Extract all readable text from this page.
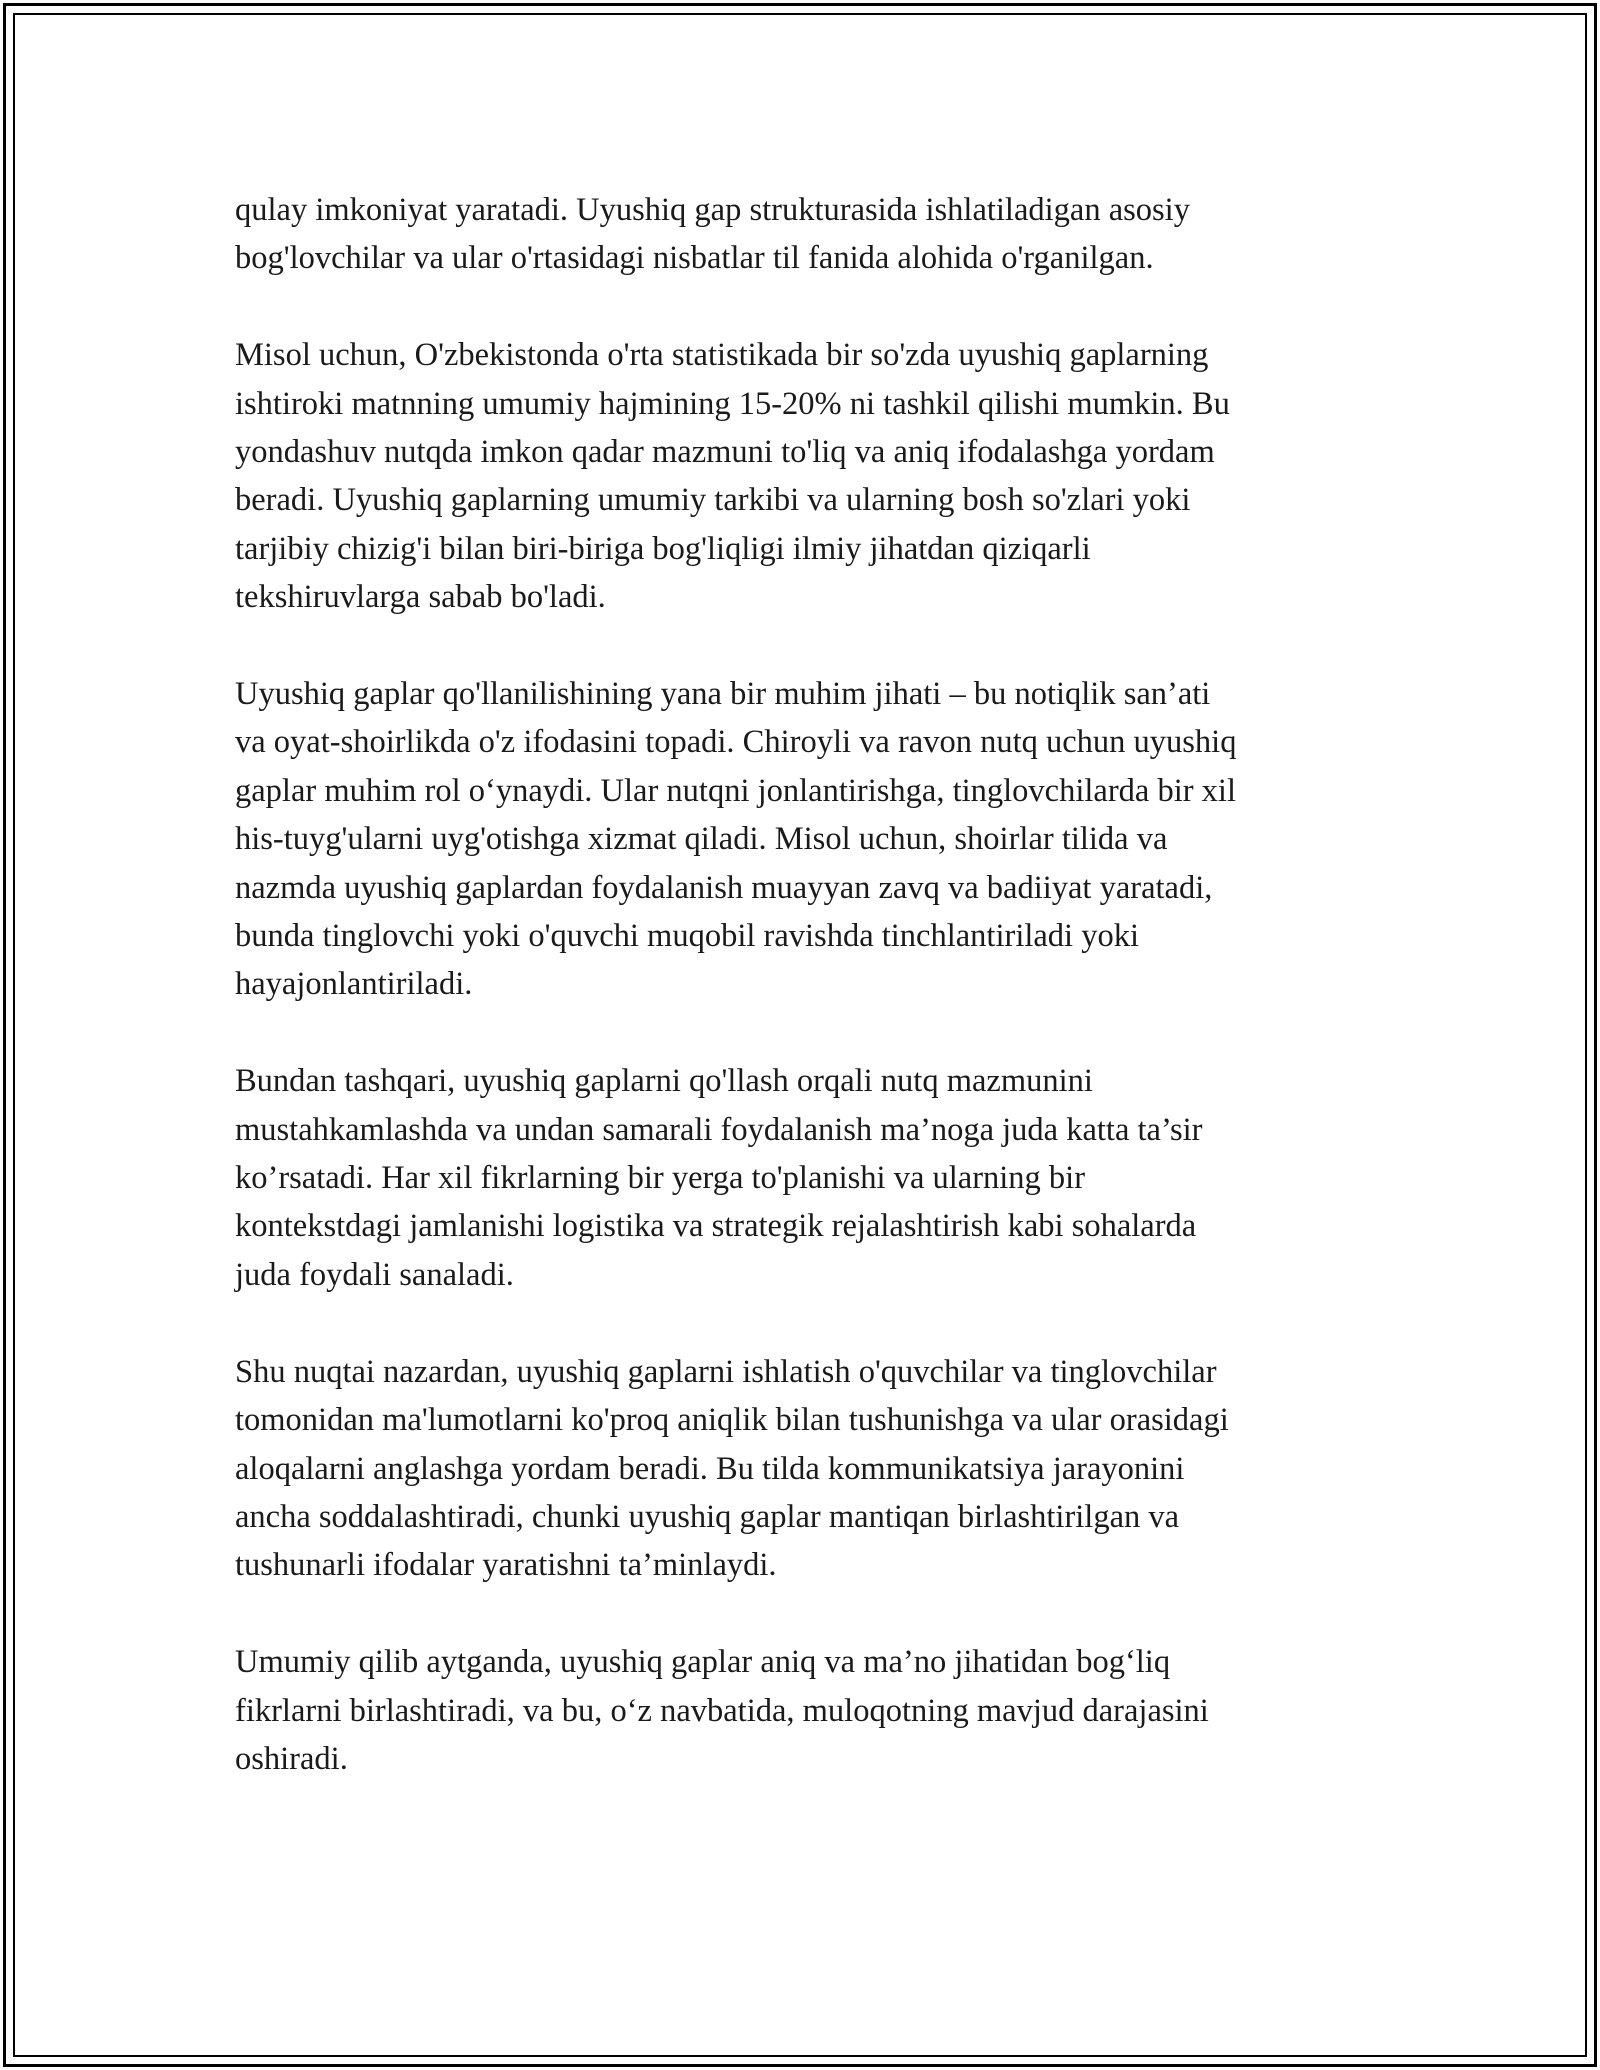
qulay imkoniyat yaratadi. Uyushiq gap strukturasida ishlatiladigan asosiy
bog'lovchilar va ular o'rtasidagi nisbatlar til fanida alohida o'rganilgan.

Misol uchun, O'zbekistonda o'rta statistikada bir so'zda uyushiq gaplarning
ishtiroki matnning umumiy hajmining 15-20% ni tashkil qilishi mumkin. Bu
yondashuv nutqda imkon qadar mazmuni to'liq va aniq ifodalashga yordam
beradi. Uyushiq gaplarning umumiy tarkibi va ularning bosh so'zlari yoki
tarjibiy chizig'i bilan biri-biriga bog'liqligi ilmiy jihatdan qiziqarli
tekshiruvlarga sabab bo'ladi.

Uyushiq gaplar qo'llanilishining yana bir muhim jihati – bu notiqlik san’ati
va oyat-shoirlikda o'z ifodasini topadi. Chiroyli va ravon nutq uchun uyushiq
gaplar muhim rol o‘ynaydi. Ular nutqni jonlantirishga, tinglovchilarda bir xil
his-tuyg'ularni uyg'otishga xizmat qiladi. Misol uchun, shoirlar tilida va
nazmda uyushiq gaplardan foydalanish muayyan zavq va badiiyat yaratadi,
bunda tinglovchi yoki o'quvchi muqobil ravishda tinchlantiriladi yoki
hayajonlantiriladi.

Bundan tashqari, uyushiq gaplarni qo'llash orqali nutq mazmunini
mustahkamlashda va undan samarali foydalanish ma’noga juda katta ta’sir
ko’rsatadi. Har xil fikrlarning bir yerga to'planishi va ularning bir
kontekstdagi jamlanishi logistika va strategik rejalashtirish kabi sohalarda
juda foydali sanaladi.

Shu nuqtai nazardan, uyushiq gaplarni ishlatish o'quvchilar va tinglovchilar
tomonidan ma'lumotlarni ko'proq aniqlik bilan tushunishga va ular orasidagi
aloqalarni anglashga yordam beradi. Bu tilda kommunikatsiya jarayonini
ancha soddalashtiradi, chunki uyushiq gaplar mantiqan birlashtirilgan va
tushunarli ifodalar yaratishni ta’minlaydi.

Umumiy qilib aytganda, uyushiq gaplar aniq va ma’no jihatidan bog‘liq
fikrlarni birlashtiradi, va bu, o‘z navbatida, muloqotning mavjud darajasini
oshiradi.
